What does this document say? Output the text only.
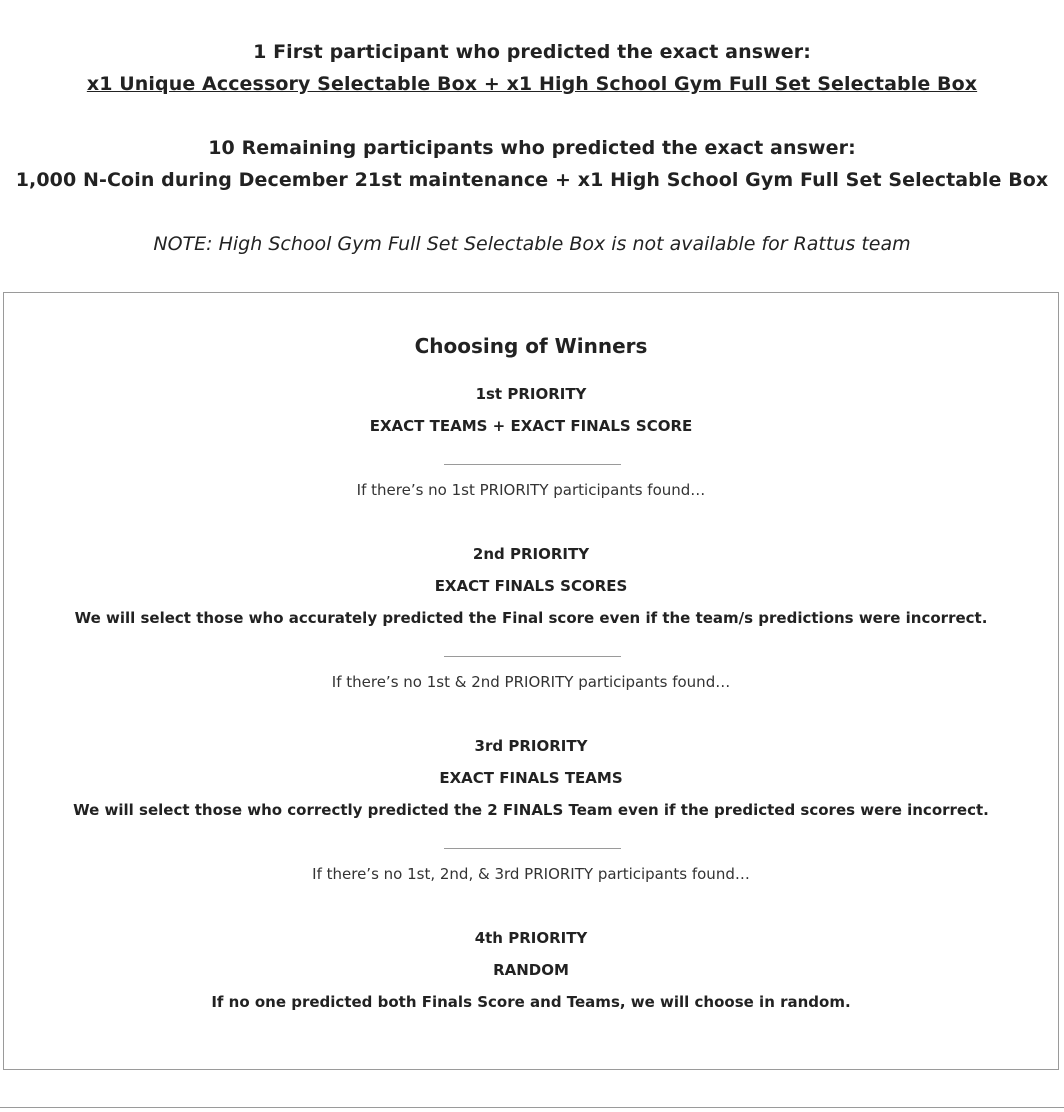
1 First participant who predicted the exact answer:
x1 Unique Accessory Selectable Box + x1 High School Gym Full Set Selectable Box
10 Remaining participants who predicted the exact answer:
1,000 N-Coin during December 21st maintenance + x1 High School Gym Full Set Selectable Box
NOTE: High School Gym Full Set Selectable Box is not available for Rattus team
Choosing of Winners
1st PRIORITY
EXACT TEAMS + EXACT FINALS SCORE
If there’s no 1st PRIORITY participants found…
2nd PRIORITY
EXACT FINALS SCORES
We will select those who accurately predicted the Final score even if the team/s predictions were incorrect.
If there’s no 1st & 2nd PRIORITY participants found…
3rd PRIORITY
EXACT FINALS TEAMS
We will select those who correctly predicted the 2 FINALS Team even if the predicted scores were incorrect.
If there’s no 1st, 2nd, & 3rd PRIORITY participants found…
4th PRIORITY
RANDOM
If no one predicted both Finals Score and Teams, we will choose in random.
